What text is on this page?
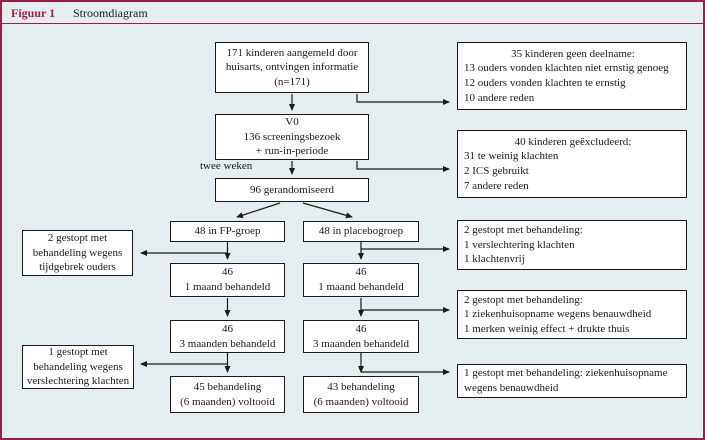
Figuur 1 Stroomdiagram
171 kinderen aangemeld door
huisarts, ontvingen informatie
(n=171)
V0
136 screeningsbezoek
+ run-in-periode
twee weken
96 gerandomiseerd
48 in FP-groep	48 in placebogroep
46
1 maand behandeld
46
1 maand behandeld
46
3 maanden behandeld
46
3 maanden behandeld
45 behandeling
(6 maanden) voltooid
43 behandeling
(6 maanden) voltooid
2 gestopt met
behandeling wegens
tijdgebrek ouders
1 gestopt met
behandeling wegens
verslechtering klachten
35 kinderen geen deelname:
13 ouders vonden klachten niet ernstig genoeg
12 ouders vonden klachten te ernstig
10 andere reden
40 kinderen geëxcludeerd:
31 te weinig klachten
2 ICS gebruikt
7 andere reden
2 gestopt met behandeling:
1 verslechtering klachten
1 klachtenvrij
2 gestopt met behandeling:
1 ziekenhuisopname wegens benauwdheid
1 merken weinig effect + drukte thuis
1 gestopt met behandeling: ziekenhuisopname wegens benauwdheid
